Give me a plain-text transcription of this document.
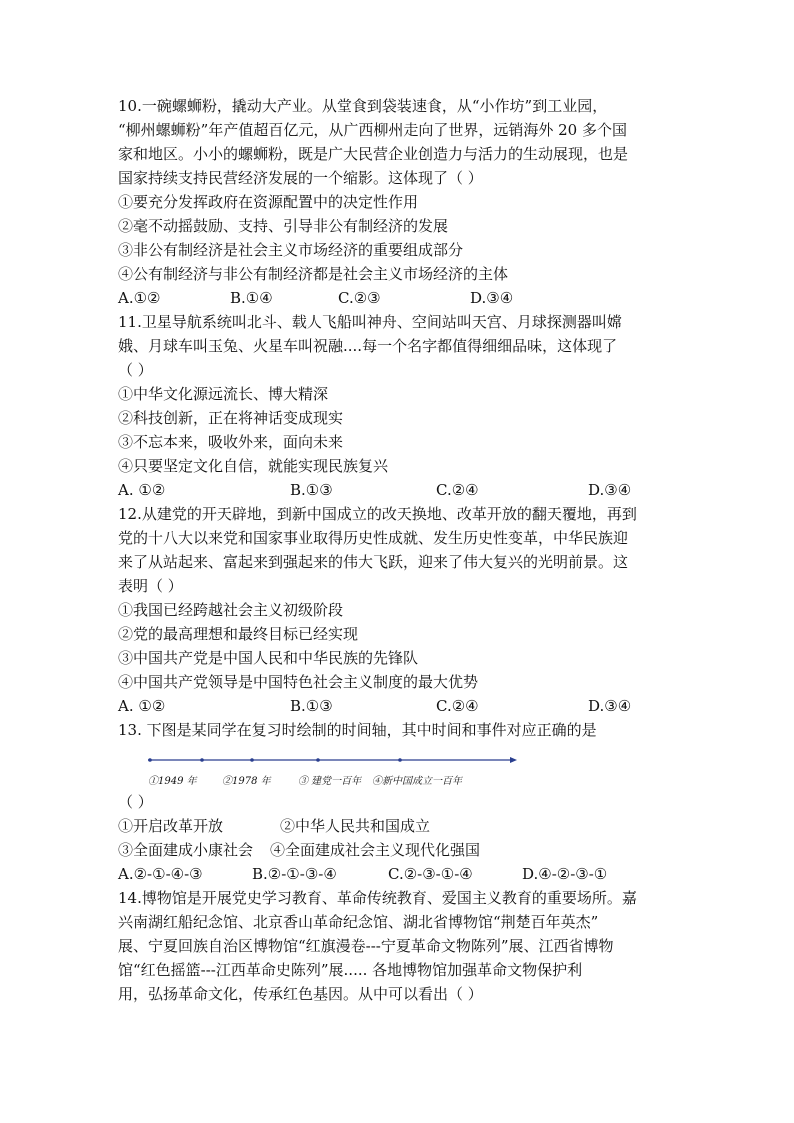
10.一碗螺蛳粉，撬动大产业。从堂食到袋装速食，从“小作坊”到工业园，
“柳州螺蛳粉”年产值超百亿元，从广西柳州走向了世界，远销海外 20 多个国
家和地区。小小的螺蛳粉，既是广大民营企业创造力与活力的生动展现，也是
国家持续支持民营经济发展的一个缩影。这体现了（ ）
①要充分发挥政府在资源配置中的决定性作用
②毫不动摇鼓励、支持、引导非公有制经济的发展
③非公有制经济是社会主义市场经济的重要组成部分
④公有制经济与非公有制经济都是社会主义市场经济的主体
A.①②	B.①④	C.②③	D.③④
11.卫星导航系统叫北斗、载人飞船叫神舟、空间站叫天宫、月球探测器叫嫦
娥、月球车叫玉兔、火星车叫祝融....每一个名字都值得细细品味，这体现了
（ ）
①中华文化源远流长、博大精深
②科技创新，正在将神话变成现实
③不忘本来，吸收外来，面向未来
④只要坚定文化自信，就能实现民族复兴
A. ①②	B.①③	C.②④	D.③④
12.从建党的开天辟地，到新中国成立的改天换地、改革开放的翻天覆地，再到
党的十八大以来党和国家事业取得历史性成就、发生历史性变革，中华民族迎
来了从站起来、富起来到强起来的伟大飞跃，迎来了伟大复兴的光明前景。这
表明（ ）
①我国已经跨越社会主义初级阶段
②党的最高理想和最终目标已经实现
③中国共产党是中国人民和中华民族的先锋队
④中国共产党领导是中国特色社会主义制度的最大优势
A. ①②	B.①③	C.②④	D.③④
13. 下图是某同学在复习时绘制的时间轴，其中时间和事件对应正确的是
①1949 年	②1978 年	③ 建党一百年 ④新中国成立一百年
（ ）
①开启改革开放	②中华人民共和国成立
③全面建成小康社会 ④全面建成社会主义现代化强国
A.②-①-④-③	B.②-①-③-④	C.②-③-①-④	D.④-②-③-①
14.博物馆是开展党史学习教育、革命传统教育、爱国主义教育的重要场所。嘉
兴南湖红船纪念馆、北京香山革命纪念馆、湖北省博物馆“荆楚百年英杰”
展、宁夏回族自治区博物馆“红旗漫卷---宁夏革命文物陈列”展、江西省博物
馆“红色摇篮---江西革命史陈列”展..... 各地博物馆加强革命文物保护利
用，弘扬革命文化，传承红色基因。从中可以看出（ ）
